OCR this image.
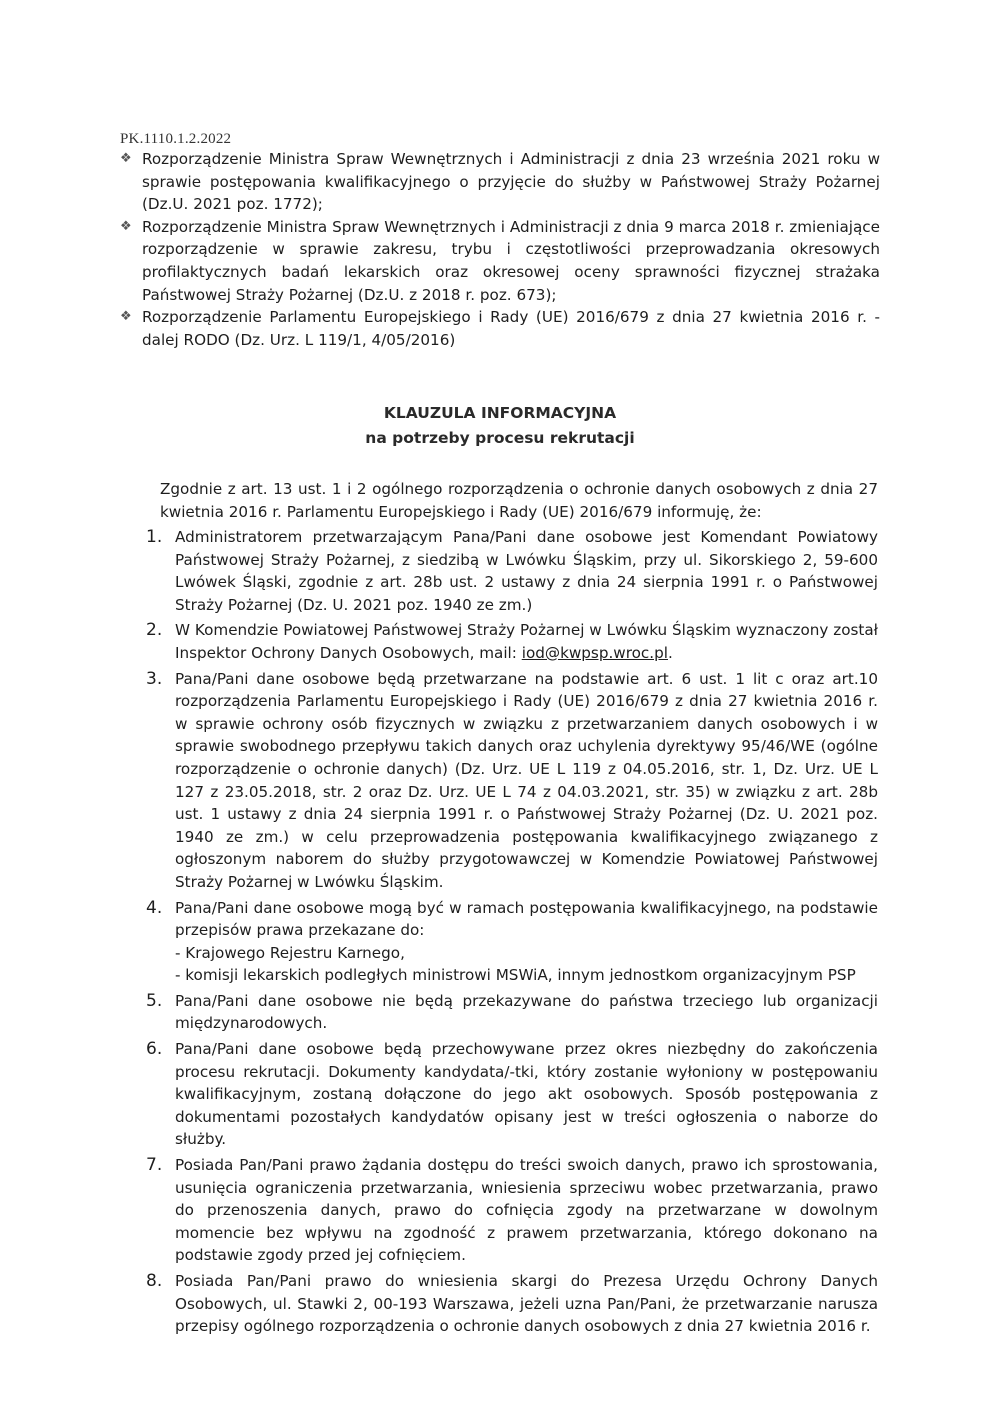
PK.1110.1.2.2022
❖ Rozporządzenie Ministra Spraw Wewnętrznych i Administracji z dnia 23 września 2021 roku w sprawie postępowania kwalifikacyjnego o przyjęcie do służby w Państwowej Straży Pożarnej (Dz.U. 2021 poz. 1772);
❖ Rozporządzenie Ministra Spraw Wewnętrznych i Administracji z dnia 9 marca 2018 r. zmieniające rozporządzenie w sprawie zakresu, trybu i częstotliwości przeprowadzania okresowych profilaktycznych badań lekarskich oraz okresowej oceny sprawności fizycznej strażaka Państwowej Straży Pożarnej (Dz.U. z 2018 r. poz. 673);
❖ Rozporządzenie Parlamentu Europejskiego i Rady (UE) 2016/679 z dnia 27 kwietnia 2016 r. - dalej RODO (Dz. Urz. L 119/1, 4/05/2016)
KLAUZULA INFORMACYJNA
na potrzeby procesu rekrutacji
Zgodnie z art. 13 ust. 1 i 2 ogólnego rozporządzenia o ochronie danych osobowych z dnia 27 kwietnia 2016 r. Parlamentu Europejskiego i Rady (UE) 2016/679 informuję, że:
1. Administratorem przetwarzającym Pana/Pani dane osobowe jest Komendant Powiatowy Państwowej Straży Pożarnej, z siedzibą w Lwówku Śląskim, przy ul. Sikorskiego 2, 59-600 Lwówek Śląski, zgodnie z art. 28b ust. 2 ustawy z dnia 24 sierpnia 1991 r. o Państwowej Straży Pożarnej (Dz. U. 2021 poz. 1940 ze zm.)
2. W Komendzie Powiatowej Państwowej Straży Pożarnej w Lwówku Śląskim wyznaczony został Inspektor Ochrony Danych Osobowych, mail: iod@kwpsp.wroc.pl.
3. Pana/Pani dane osobowe będą przetwarzane na podstawie art. 6 ust. 1 lit c oraz art.10 rozporządzenia Parlamentu Europejskiego i Rady (UE) 2016/679 z dnia 27 kwietnia 2016 r. w sprawie ochrony osób fizycznych w związku z przetwarzaniem danych osobowych i w sprawie swobodnego przepływu takich danych oraz uchylenia dyrektywy 95/46/WE (ogólne rozporządzenie o ochronie danych) (Dz. Urz. UE L 119 z 04.05.2016, str. 1, Dz. Urz. UE L 127 z 23.05.2018, str. 2 oraz Dz. Urz. UE L 74 z 04.03.2021, str. 35) w związku z art. 28b ust. 1 ustawy z dnia 24 sierpnia 1991 r. o Państwowej Straży Pożarnej (Dz. U. 2021 poz. 1940 ze zm.) w celu przeprowadzenia postępowania kwalifikacyjnego związanego z ogłoszonym naborem do służby przygotowawczej w Komendzie Powiatowej Państwowej Straży Pożarnej w Lwówku Śląskim.
4. Pana/Pani dane osobowe mogą być w ramach postępowania kwalifikacyjnego, na podstawie przepisów prawa przekazane do:
- Krajowego Rejestru Karnego,
- komisji lekarskich podległych ministrowi MSWiA, innym jednostkom organizacyjnym PSP
5. Pana/Pani dane osobowe nie będą przekazywane do państwa trzeciego lub organizacji międzynarodowych.
6. Pana/Pani dane osobowe będą przechowywane przez okres niezbędny do zakończenia procesu rekrutacji. Dokumenty kandydata/-tki, który zostanie wyłoniony w postępowaniu kwalifikacyjnym, zostaną dołączone do jego akt osobowych. Sposób postępowania z dokumentami pozostałych kandydatów opisany jest w treści ogłoszenia o naborze do służby.
7. Posiada Pan/Pani prawo żądania dostępu do treści swoich danych, prawo ich sprostowania, usunięcia ograniczenia przetwarzania, wniesienia sprzeciwu wobec przetwarzania, prawo do przenoszenia danych, prawo do cofnięcia zgody na przetwarzane w dowolnym momencie bez wpływu na zgodność z prawem przetwarzania, którego dokonano na podstawie zgody przed jej cofnięciem.
8. Posiada Pan/Pani prawo do wniesienia skargi do Prezesa Urzędu Ochrony Danych Osobowych, ul. Stawki 2, 00-193 Warszawa, jeżeli uzna Pan/Pani, że przetwarzanie narusza przepisy ogólnego rozporządzenia o ochronie danych osobowych z dnia 27 kwietnia 2016 r.
